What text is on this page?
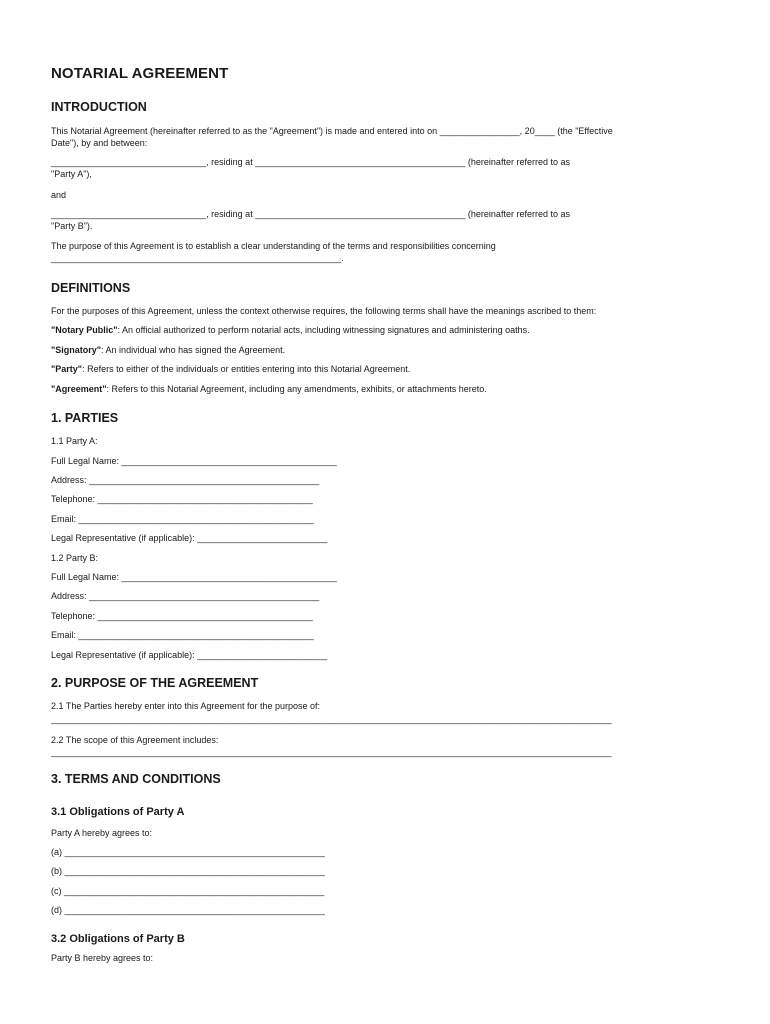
NOTARIAL AGREEMENT
INTRODUCTION
This Notarial Agreement (hereinafter referred to as the "Agreement") is made and entered into on ________________, 20____ (the "Effective
Date"), by and between:
_______________________________, residing at __________________________________________ (hereinafter referred to as
"Party A"),
and
_______________________________, residing at __________________________________________ (hereinafter referred to as
"Party B").
The purpose of this Agreement is to establish a clear understanding of the terms and responsibilities concerning
__________________________________________________________.
DEFINITIONS
For the purposes of this Agreement, unless the context otherwise requires, the following terms shall have the meanings ascribed to them:
"Notary Public": An official authorized to perform notarial acts, including witnessing signatures and administering oaths.
"Signatory": An individual who has signed the Agreement.
"Party": Refers to either of the individuals or entities entering into this Notarial Agreement.
"Agreement": Refers to this Notarial Agreement, including any amendments, exhibits, or attachments hereto.
1. PARTIES
1.1 Party A:
Full Legal Name: ___________________________________________
Address: ______________________________________________
Telephone: ___________________________________________
Email: _______________________________________________
Legal Representative (if applicable): __________________________
1.2 Party B:
Full Legal Name: ___________________________________________
Address: ______________________________________________
Telephone: ___________________________________________
Email: _______________________________________________
Legal Representative (if applicable): __________________________
2. PURPOSE OF THE AGREEMENT
2.1 The Parties hereby enter into this Agreement for the purpose of:
________________________________________________________________________________________________________________
2.2 The scope of this Agreement includes:
________________________________________________________________________________________________________________
3. TERMS AND CONDITIONS
3.1 Obligations of Party A
Party A hereby agrees to:
(a) ____________________________________________________
(b) ____________________________________________________
(c) ____________________________________________________
(d) ____________________________________________________
3.2 Obligations of Party B
Party B hereby agrees to:
